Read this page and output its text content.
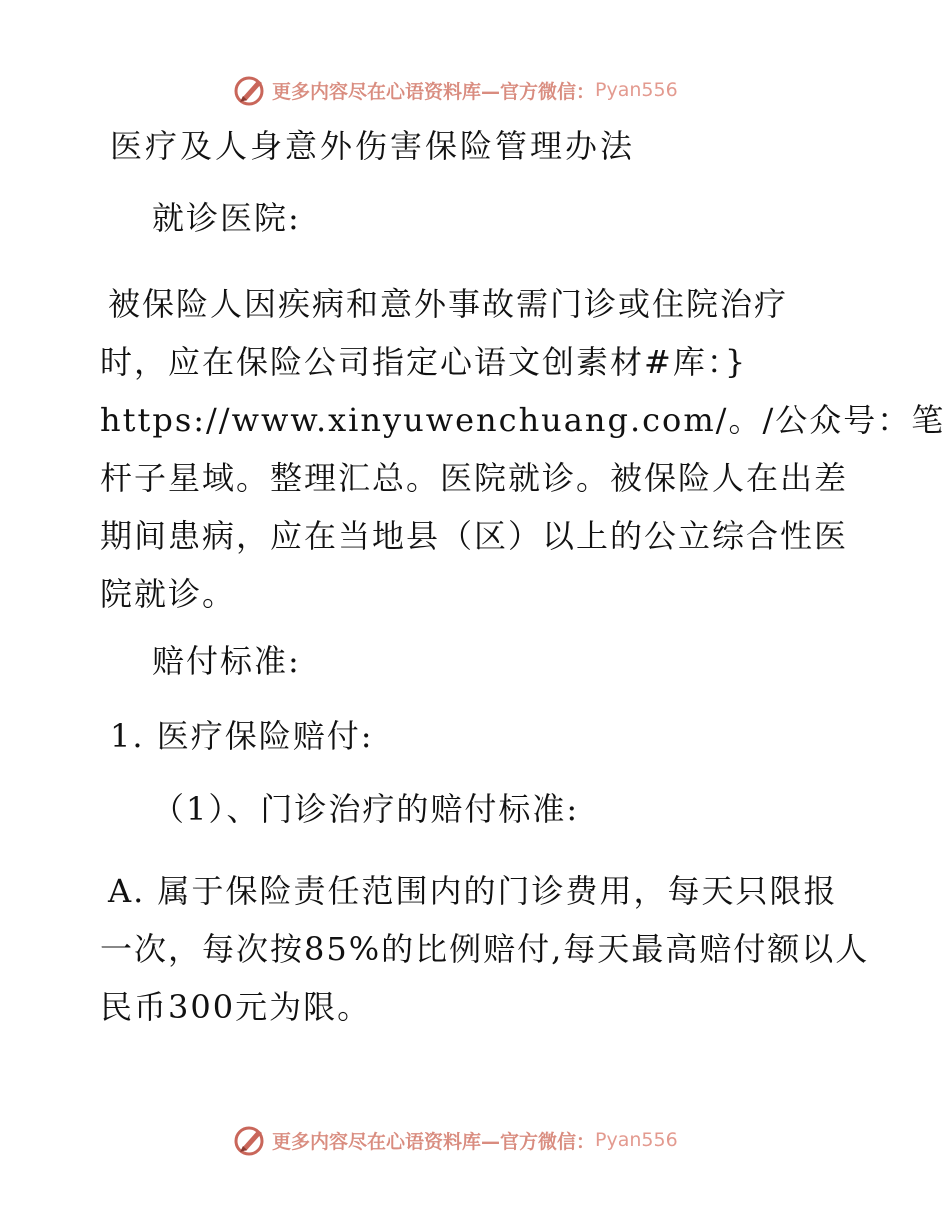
更多内容尽在心语资料库—官方微信： Pyan556
医疗及人身意外伤害保险管理办法
就诊医院:
被保险人因疾病和意外事故需门诊或住院治疗
时，应在保险公司指定心语文创素材#库：}
https://www.xinyuwenchuang.com/。/公众号：笔
杆子星域。整理汇总。医院就诊。被保险人在出差
期间患病，应在当地县（区）以上的公立综合性医
院就诊。
赔付标准:
1. 医疗保险赔付:
（1）、门诊治疗的赔付标准:
A. 属于保险责任范围内的门诊费用，每天只限报
一次，每次按85%的比例赔付,每天最高赔付额以人
民币300元为限。
更多内容尽在心语资料库—官方微信： Pyan556
